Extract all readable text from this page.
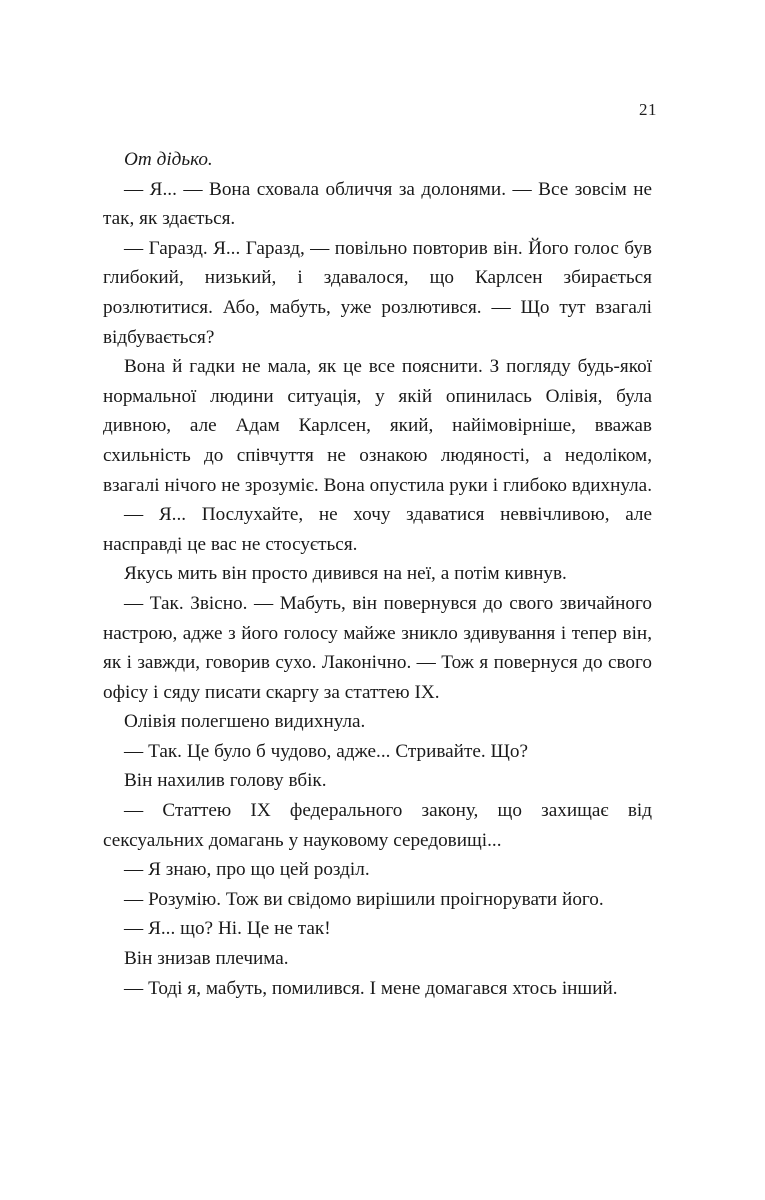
21

От дідько.

— Я... — Вона сховала обличчя за долонями. — Все зовсім не так, як здається.

— Гаразд. Я... Гаразд, — повільно повторив він. Його голос був глибокий, низький, і здавалося, що Карлсен збирається розлютитися. Або, мабуть, уже розлютився. — Що тут взагалі відбувається?

Вона й гадки не мала, як це все пояснити. З погляду будь-якої нормальної людини ситуація, у якій опинилась Олівія, була дивною, але Адам Карлсен, який, найімовірніше, вважав схильність до співчуття не ознакою людяності, а недоліком, взагалі нічого не зрозуміє. Вона опустила руки і глибоко вдихнула.

— Я... Послухайте, не хочу здаватися неввічливою, але насправді це вас не стосується.

Якусь мить він просто дивився на неї, а потім кивнув.

— Так. Звісно. — Мабуть, він повернувся до свого звичайного настрою, адже з його голосу майже зникло здивування і тепер він, як і завжди, говорив сухо. Лаконічно. — Тож я повернуся до свого офісу і сяду писати скаргу за статтею IX.

Олівія полегшено видихнула.

— Так. Це було б чудово, адже... Стривайте. Що?

Він нахилив голову вбік.

— Статтею IX федерального закону, що захищає від сексуальних домагань у науковому середовищі...

— Я знаю, про що цей розділ.

— Розумію. Тож ви свідомо вирішили проігнорувати його.

— Я... що? Ні. Це не так!

Він знизав плечима.

— Тоді я, мабуть, помилився. І мене домагався хтось інший.
